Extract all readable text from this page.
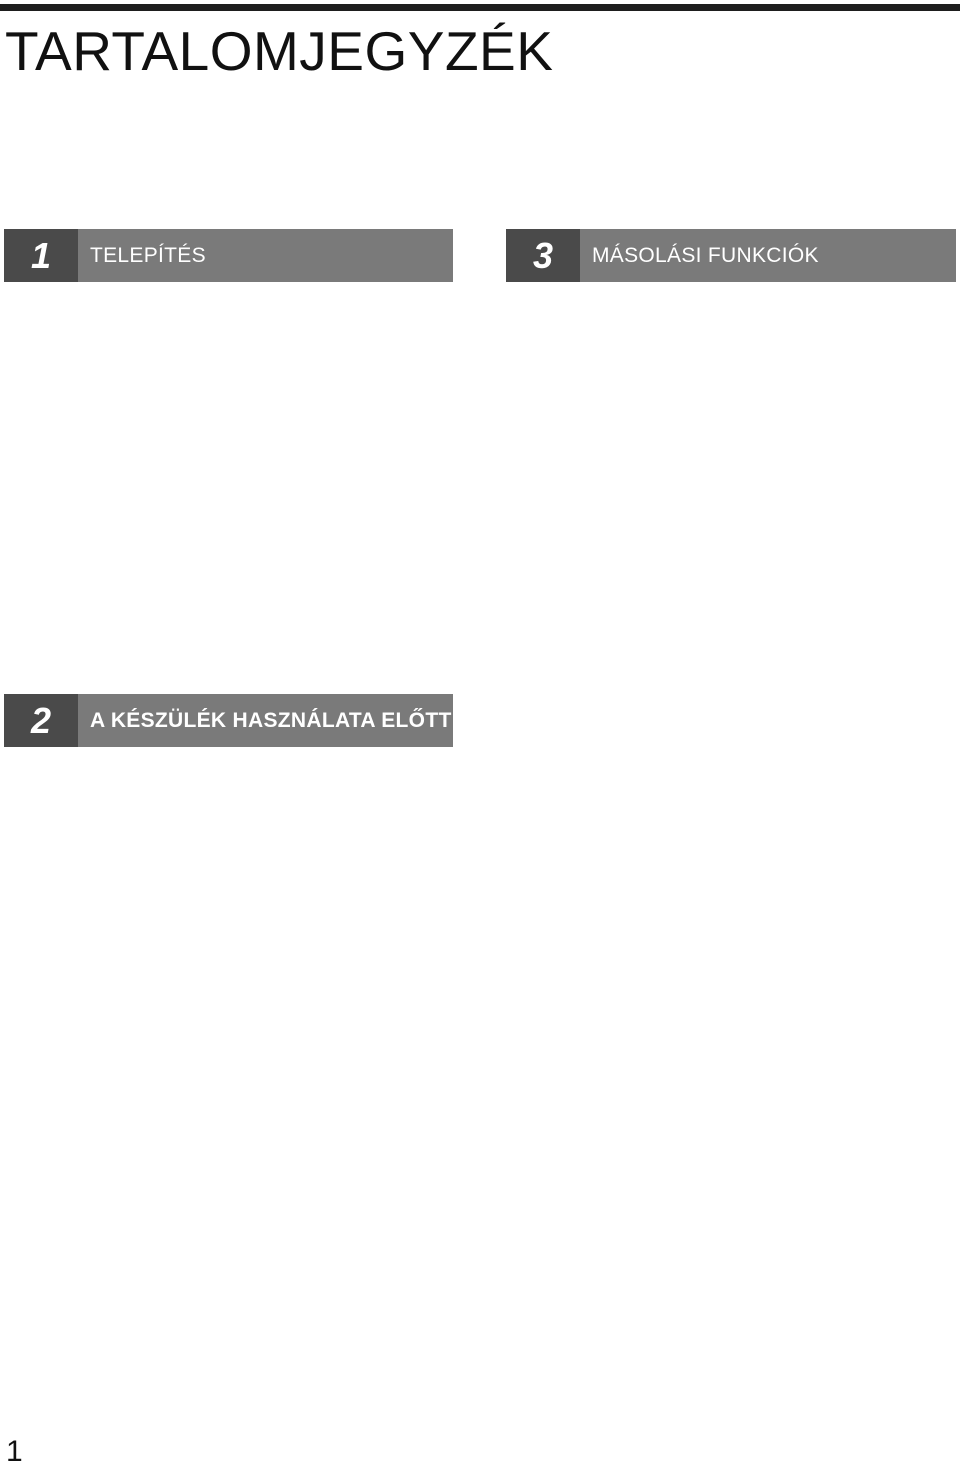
TARTALOMJEGYZÉK
1	TELEPÍTÉS
2	A KÉSZÜLÉK HASZNÁLATA ELŐTT
3	MÁSOLÁSI FUNKCIÓK
1
